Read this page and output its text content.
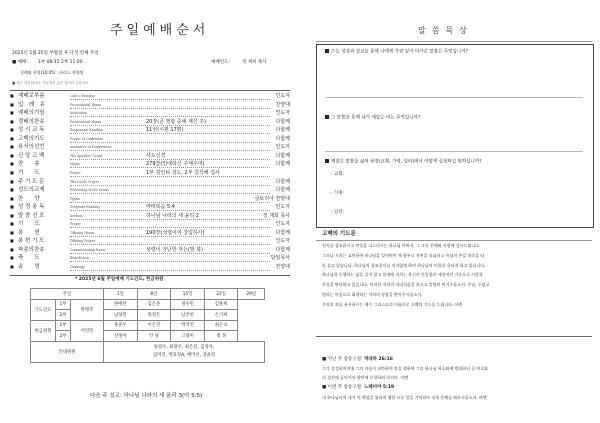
주일예배순서
2025년 5월 25일 부활절 후 다섯 번째 주일
■ 예배: 1부 09:15 2부 11:00	예배인도:	정 재희 목사
경배와 찬양(10:45) : 카리스 찬양팀
■ 표는 일어섭니다. 가능하신 분은 일어서 주십시오.
■ 예배로부름	Call to Worship	인도자
■ 입　례　송	Processional Hymn	찬양대
■ 예배의기원	Invocation	인도자
■ 경배의찬송	Processional Hymn	20장(큰 영광 중에 계신 주)	다함께
■ 성 시 교 독	Responsive Reading	11번(시편 17편)	다함께
■ 고백의기도	Prayer of confession	다함께
■ 용서의선언	Assurance of Forgiveness	인도자
■ 신 앙 고 백	The Apostles' Creed	사도신경	다함께
■ 찬　　송	Hymn	279장(인애하신 구세주여)	다함께
■ 기　　도	Prayer	1부 김인티 성도, 2부 김석해 집사
■ 주 기 도 문	The Lord's Prayer	다함께
■ 성도의교제	Fellowship of the Saints	다함께
■ 찬　　양	Hymn	글로리아 찬양대
■ 성 경 봉 독	Scripture Reading	마태복음 5:4	인도자
■ 말 씀 선 포	Sermon	하나님 나라의 새 윤리 2	정 재희 목사
■ 기　　도	Prayer	인도자
■ 봉　　헌	Offering Hymn	190장(성령이여 강림하사)	다함께
■ 봉 헌 기 도	Offering Prayer	인도자
■ 파송의찬송	Commissioning Hymn	심령이 가난한 자는(말 복)	다함께
■ 축　　도	Benediction	담임목사
■ 송　　영	Doxology	찬양대
* 2025년 6월 주일예배 기도인도, 헌금위원
주일			1일	8일	15일	22일	29일
기도인도	1부	박명주	현애란	김은홍	정수민	김훈희	
	2부		남성민	원정은	남궁현	손기희	
헌금위원	1부	서연민	홍준우	이은진	박지연	최은숙	
	2부		신정아	안 낭	고정미	정 성	
안내위원			송필수, 최광우, 최은길, 김정자,
김미연, 박효정A, 배미선, 장윤영				
다음 주 설교: 하나님 나라의 새 윤리 3(마 5:5)
말씀묵상
오늘 성경과 설교를 통해 나에게 가장 깊이 다가온 말씀은 무엇입니까?
그 말씀을 통해 내가 깨달은 바는 무엇입니까?
깨달은 말씀을 삶의 현장(교회, 가정, 일터)에서 어떻게 실천하길 원하십니까?
· 교회:
· 가정:
· 일터:
고백의 기도문
천지를 창조하시고 만물을 다스리시는 하나님 아버지, 그 크신 은혜와 사랑에 감사드립니다.
그러나 저희는 교만하여 하나님을 잊어버린 채 함부로 자연을 파괴하고 욕심의 온갖 죄속을 따
라 살고 있습니다. 하나님의 창조질서를 어지럽게 하며 하나님의 이름을 욕되게 하고 있습니다.
하나님과 동행하는 삶을 살지 않고 앞개에 저희는 육신의 안일함과 세상적인 기준으로 사람과
사물을 판단하고 있습니다. 이러한 저희의 어리석음을 보시고 불쌍히 여겨주옵소서. 주님, 두렵고
떨리는 마음으로 회개하는 저희의 상함을 받아주시옵소서.
우리의 죄를 용서하시는 예수 그리스도의 이름으로 고백의 기도를 드립니다. 아멘
■ 지난 주 암송구절: 역대하 26:16
그가 강성하여지매 그의 마음이 교만하여 악을 행하여 그의 하나님 여호와께 범죄하되 곧 여호와
의 성전에 들어가서 향단에 분향하려 한지라. 아멘
■ 이번 주 암송구절: 느헤미야 5:19
내 하나님이여 내가 이 백성을 위하여 행한 모든 일을 기억하사 내게 은혜를 베푸시옵소서. 아멘
